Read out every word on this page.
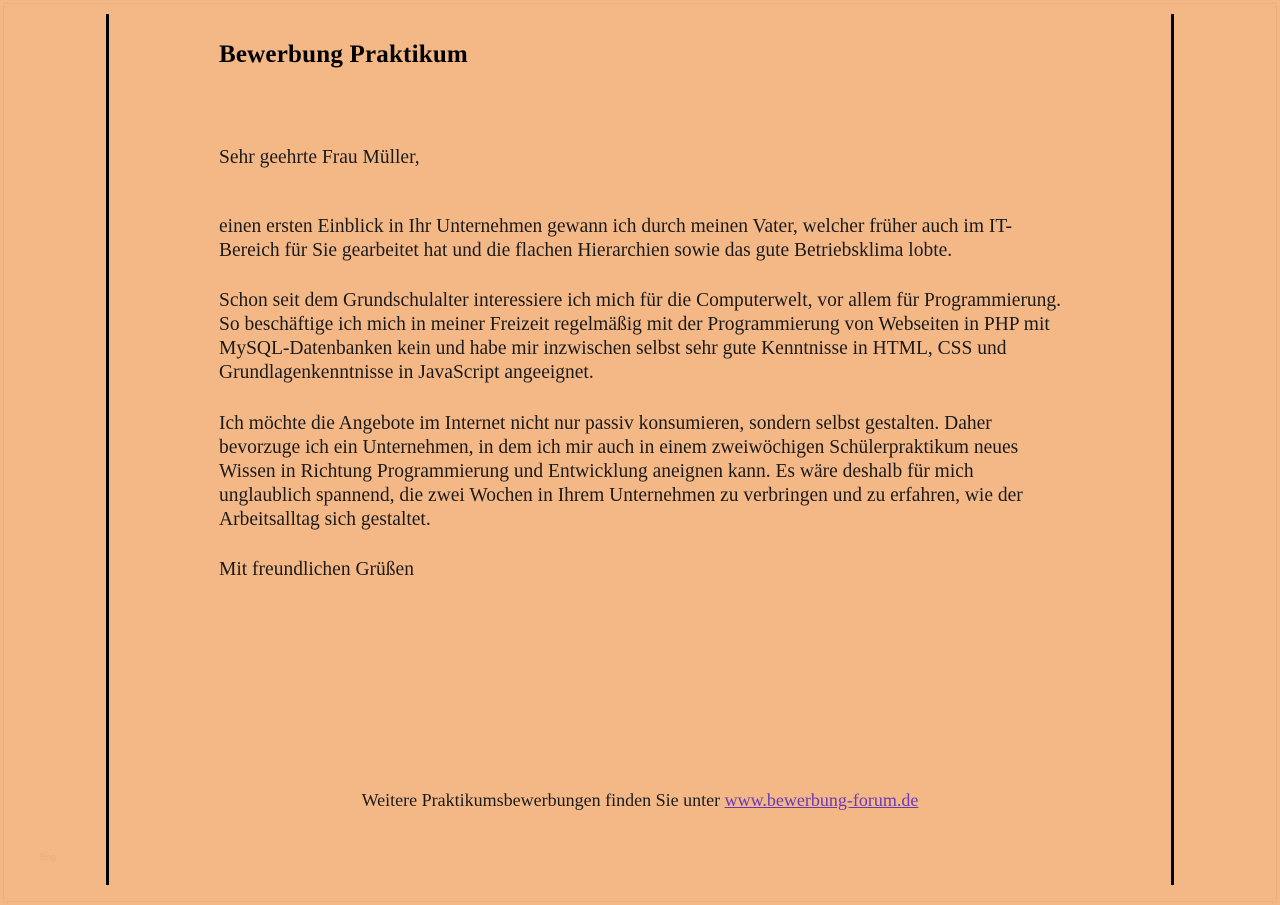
Bewerbung Praktikum

Sehr geehrte Frau Müller,

einen ersten Einblick in Ihr Unternehmen gewann ich durch meinen Vater, welcher früher auch im IT-Bereich für Sie gearbeitet hat und die flachen Hierarchien sowie das gute Betriebsklima lobte.

Schon seit dem Grundschulalter interessiere ich mich für die Computerwelt, vor allem für Programmierung. So beschäftige ich mich in meiner Freizeit regelmäßig mit der Programmierung von Webseiten in PHP mit MySQL-Datenbanken kein und habe mir inzwischen selbst sehr gute Kenntnisse in HTML, CSS und Grundlagenkenntnisse in JavaScript angeeignet.

Ich möchte die Angebote im Internet nicht nur passiv konsumieren, sondern selbst gestalten. Daher bevorzuge ich ein Unternehmen, in dem ich mir auch in einem zweiwöchigen Schülerpraktikum neues Wissen in Richtung Programmierung und Entwicklung aneignen kann. Es wäre deshalb für mich unglaublich spannend, die zwei Wochen in Ihrem Unternehmen zu verbringen und zu erfahren, wie der Arbeitsalltag sich gestaltet.

Mit freundlichen Grüßen

Weitere Praktikumsbewerbungen finden Sie unter www.bewerbung-forum.de
Bog
